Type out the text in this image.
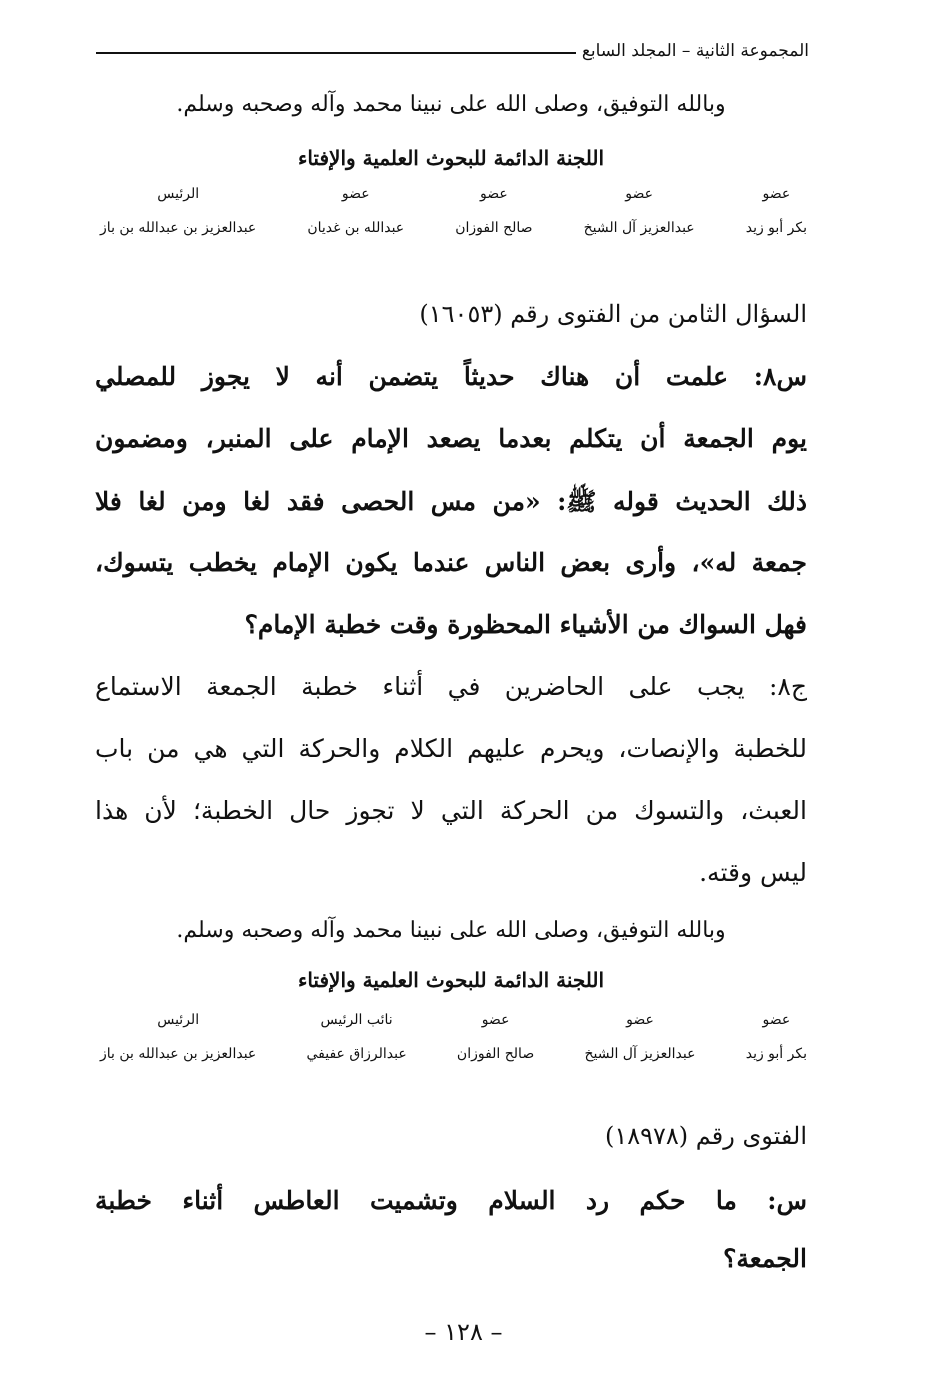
المجموعة الثانية – المجلد السابع
وبالله التوفيق، وصلى الله على نبينا محمد وآله وصحبه وسلم.
اللجنة الدائمة للبحوث العلمية والإفتاء
عضو
بكر أبو زيد
عضو
عبدالعزيز آل الشيخ
عضو
صالح الفوزان
عضو
عبدالله بن غديان
الرئيس
عبدالعزيز بن عبدالله بن باز
السؤال الثامن من الفتوى رقم (١٦٠٥٣)
س٨: علمت أن هناك حديثاً يتضمن أنه لا يجوز للمصلي
يوم الجمعة أن يتكلم بعدما يصعد الإمام على المنبر، ومضمون
ذلك الحديث قوله ﷺ: «من مس الحصى فقد لغا ومن لغا فلا
جمعة له»، وأرى بعض الناس عندما يكون الإمام يخطب يتسوك،
فهل السواك من الأشياء المحظورة وقت خطبة الإمام؟
ج٨: يجب على الحاضرين في أثناء خطبة الجمعة الاستماع
للخطبة والإنصات، ويحرم عليهم الكلام والحركة التي هي من باب
العبث، والتسوك من الحركة التي لا تجوز حال الخطبة؛ لأن هذا
ليس وقته.
وبالله التوفيق، وصلى الله على نبينا محمد وآله وصحبه وسلم.
اللجنة الدائمة للبحوث العلمية والإفتاء
عضو
بكر أبو زيد
عضو
عبدالعزيز آل الشيخ
عضو
صالح الفوزان
نائب الرئيس
عبدالرزاق عفيفي
الرئيس
عبدالعزيز بن عبدالله بن باز
الفتوى رقم (١٨٩٧٨)
س: ما حكم رد السلام وتشميت العاطس أثناء خطبة
الجمعة؟
– ١٢٨ –
